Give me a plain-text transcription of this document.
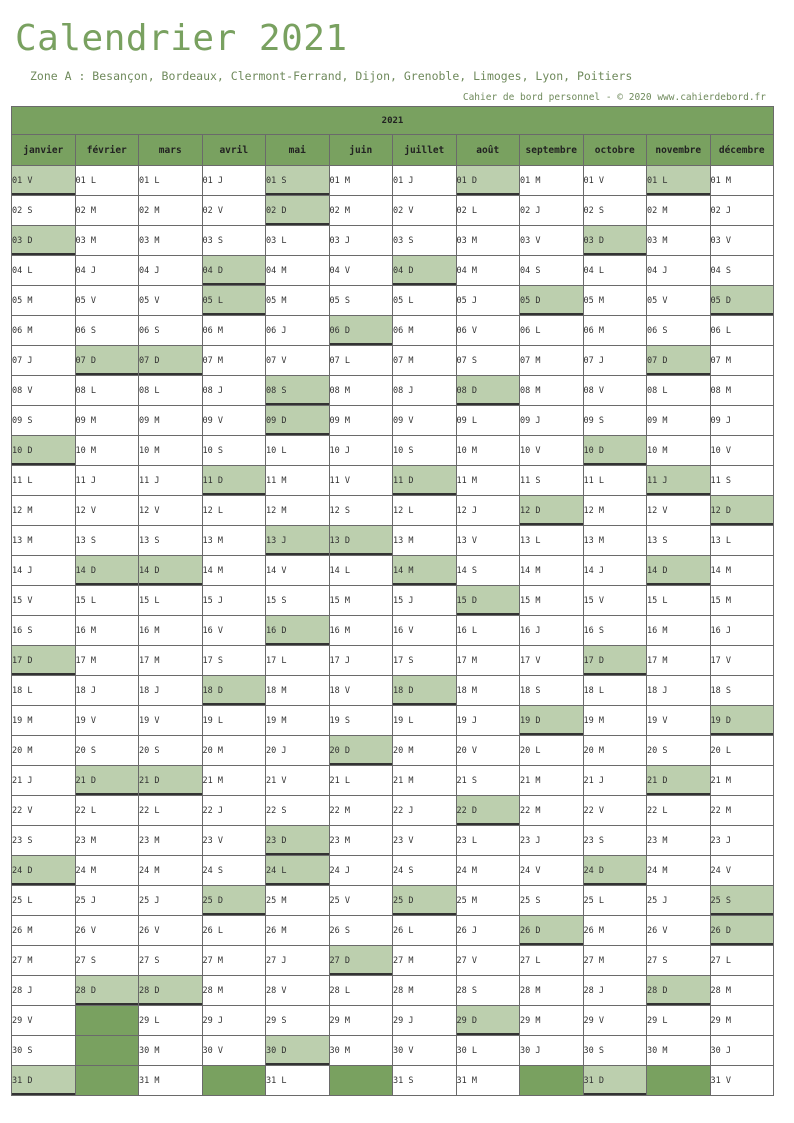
Calendrier 2021
Zone A : Besançon, Bordeaux, Clermont-Ferrand, Dijon, Grenoble, Limoges, Lyon, Poitiers
Cahier de bord personnel - © 2020 www.cahierdebord.fr
2021											
janvier	février	mars	avril	mai	juin	juillet	août	septembre	octobre	novembre	décembre
01 V	01 L	01 L	01 J	01 S	01 M	01 J	01 D	01 M	01 V	01 L	01 M
02 S	02 M	02 M	02 V	02 D	02 M	02 V	02 L	02 J	02 S	02 M	02 J
03 D	03 M	03 M	03 S	03 L	03 J	03 S	03 M	03 V	03 D	03 M	03 V
04 L	04 J	04 J	04 D	04 M	04 V	04 D	04 M	04 S	04 L	04 J	04 S
05 M	05 V	05 V	05 L	05 M	05 S	05 L	05 J	05 D	05 M	05 V	05 D
06 M	06 S	06 S	06 M	06 J	06 D	06 M	06 V	06 L	06 M	06 S	06 L
07 J	07 D	07 D	07 M	07 V	07 L	07 M	07 S	07 M	07 J	07 D	07 M
08 V	08 L	08 L	08 J	08 S	08 M	08 J	08 D	08 M	08 V	08 L	08 M
09 S	09 M	09 M	09 V	09 D	09 M	09 V	09 L	09 J	09 S	09 M	09 J
10 D	10 M	10 M	10 S	10 L	10 J	10 S	10 M	10 V	10 D	10 M	10 V
11 L	11 J	11 J	11 D	11 M	11 V	11 D	11 M	11 S	11 L	11 J	11 S
12 M	12 V	12 V	12 L	12 M	12 S	12 L	12 J	12 D	12 M	12 V	12 D
13 M	13 S	13 S	13 M	13 J	13 D	13 M	13 V	13 L	13 M	13 S	13 L
14 J	14 D	14 D	14 M	14 V	14 L	14 M	14 S	14 M	14 J	14 D	14 M
15 V	15 L	15 L	15 J	15 S	15 M	15 J	15 D	15 M	15 V	15 L	15 M
16 S	16 M	16 M	16 V	16 D	16 M	16 V	16 L	16 J	16 S	16 M	16 J
17 D	17 M	17 M	17 S	17 L	17 J	17 S	17 M	17 V	17 D	17 M	17 V
18 L	18 J	18 J	18 D	18 M	18 V	18 D	18 M	18 S	18 L	18 J	18 S
19 M	19 V	19 V	19 L	19 M	19 S	19 L	19 J	19 D	19 M	19 V	19 D
20 M	20 S	20 S	20 M	20 J	20 D	20 M	20 V	20 L	20 M	20 S	20 L
21 J	21 D	21 D	21 M	21 V	21 L	21 M	21 S	21 M	21 J	21 D	21 M
22 V	22 L	22 L	22 J	22 S	22 M	22 J	22 D	22 M	22 V	22 L	22 M
23 S	23 M	23 M	23 V	23 D	23 M	23 V	23 L	23 J	23 S	23 M	23 J
24 D	24 M	24 M	24 S	24 L	24 J	24 S	24 M	24 V	24 D	24 M	24 V
25 L	25 J	25 J	25 D	25 M	25 V	25 D	25 M	25 S	25 L	25 J	25 S
26 M	26 V	26 V	26 L	26 M	26 S	26 L	26 J	26 D	26 M	26 V	26 D
27 M	27 S	27 S	27 M	27 J	27 D	27 M	27 V	27 L	27 M	27 S	27 L
28 J	28 D	28 D	28 M	28 V	28 L	28 M	28 S	28 M	28 J	28 D	28 M
29 V		29 L	29 J	29 S	29 M	29 J	29 D	29 M	29 V	29 L	29 M
30 S		30 M	30 V	30 D	30 M	30 V	30 L	30 J	30 S	30 M	30 J
31 D		31 M		31 L		31 S	31 M		31 D		31 V
